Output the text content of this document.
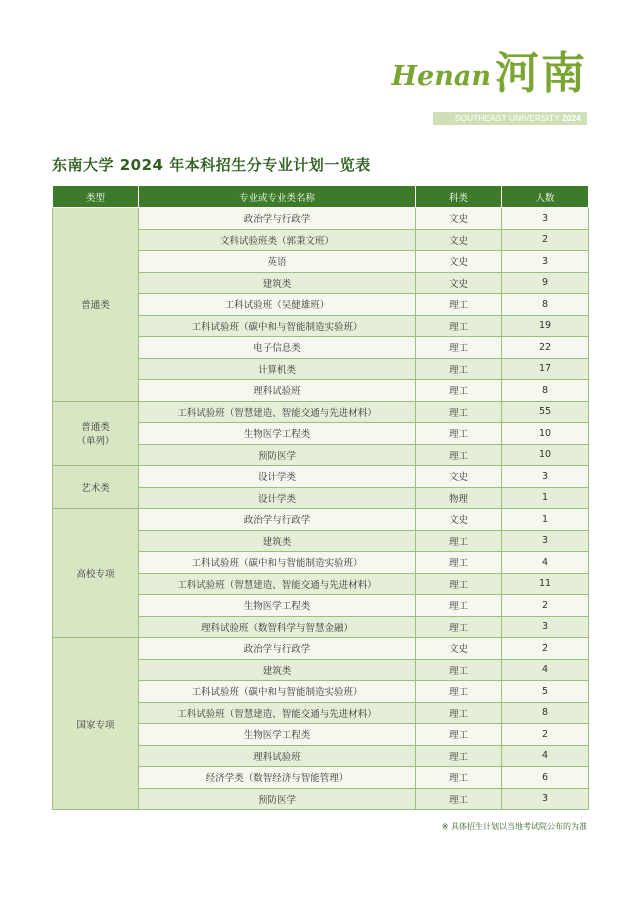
Henan 河南
SOUTHEAST UNIVERSITY 2024
东南大学 2024 年本科招生分专业计划一览表
类型	专业或专业类名称	科类	人数

普通类	政治学与行政学	文史	3
	文科试验班类（郭秉文班）	文史	2
	英语	文史	3
	建筑类	文史	9
	工科试验班（吴健雄班）	理工	8
	工科试验班（碳中和与智能制造实验班）	理工	19
	电子信息类	理工	22
	计算机类	理工	17
	理科试验班	理工	8

普通类
（单列）	工科试验班（智慧建造、智能交通与先进材料）	理工	55
	生物医学工程类	理工	10
	预防医学	理工	10

艺术类	设计学类	文史	3
	设计学类	物理	1

高校专项	政治学与行政学	文史	1
	建筑类	理工	3
	工科试验班（碳中和与智能制造实验班）	理工	4
	工科试验班（智慧建造、智能交通与先进材料）	理工	11
	生物医学工程类	理工	2
	理科试验班（数智科学与智慧金融）	理工	3

国家专项	政治学与行政学	文史	2
	建筑类	理工	4
	工科试验班（碳中和与智能制造实验班）	理工	5
	工科试验班（智慧建造、智能交通与先进材料）	理工	8
	生物医学工程类	理工	2
	理科试验班	理工	4
	经济学类（数智经济与智能管理）	理工	6
	预防医学	理工	3
※ 具体招生计划以当地考试院公布的为准
